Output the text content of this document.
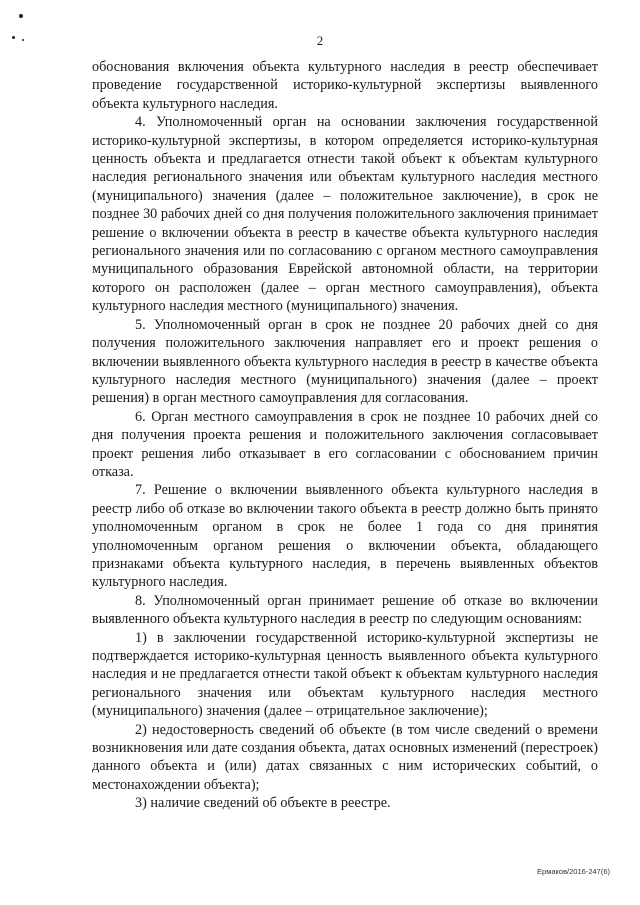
2

обоснования включения объекта культурного наследия в реестр обеспечивает проведение государственной историко-культурной экспертизы выявленного объекта культурного наследия.

4. Уполномоченный орган на основании заключения государственной историко-культурной экспертизы, в котором определяется историко-культурная ценность объекта и предлагается отнести такой объект к объектам культурного наследия регионального значения или объектам культурного наследия местного (муниципального) значения (далее – положительное заключение), в срок не позднее 30 рабочих дней со дня получения положительного заключения принимает решение о включении объекта в реестр в качестве объекта культурного наследия регионального значения или по согласованию с органом местного самоуправления муниципального образования Еврейской автономной области, на территории которого он расположен (далее – орган местного самоуправления), объекта культурного наследия местного (муниципального) значения.

5. Уполномоченный орган в срок не позднее 20 рабочих дней со дня получения положительного заключения направляет его и проект решения о включении выявленного объекта культурного наследия в реестр в качестве объекта культурного наследия местного (муниципального) значения (далее – проект решения) в орган местного самоуправления для согласования.

6. Орган местного самоуправления в срок не позднее 10 рабочих дней со дня получения проекта решения и положительного заключения согласовывает проект решения либо отказывает в его согласовании с обоснованием причин отказа.

7. Решение о включении выявленного объекта культурного наследия в реестр либо об отказе во включении такого объекта в реестр должно быть принято уполномоченным органом в срок не более 1 года со дня принятия уполномоченным органом решения о включении объекта, обладающего признаками объекта культурного наследия, в перечень выявленных объектов культурного наследия.

8. Уполномоченный орган принимает решение об отказе во включении выявленного объекта культурного наследия в реестр по следующим основаниям:

1) в заключении государственной историко-культурной экспертизы не подтверждается историко-культурная ценность выявленного объекта культурного наследия и не предлагается отнести такой объект к объектам культурного наследия регионального значения или объектам культурного наследия местного (муниципального) значения (далее – отрицательное заключение);

2) недостоверность сведений об объекте (в том числе сведений о времени возникновения или дате создания объекта, датах основных изменений (перестроек) данного объекта и (или) датах связанных с ним исторических событий, о местонахождении объекта);

3) наличие сведений об объекте в реестре.

Ермаков/2016-247(6)
